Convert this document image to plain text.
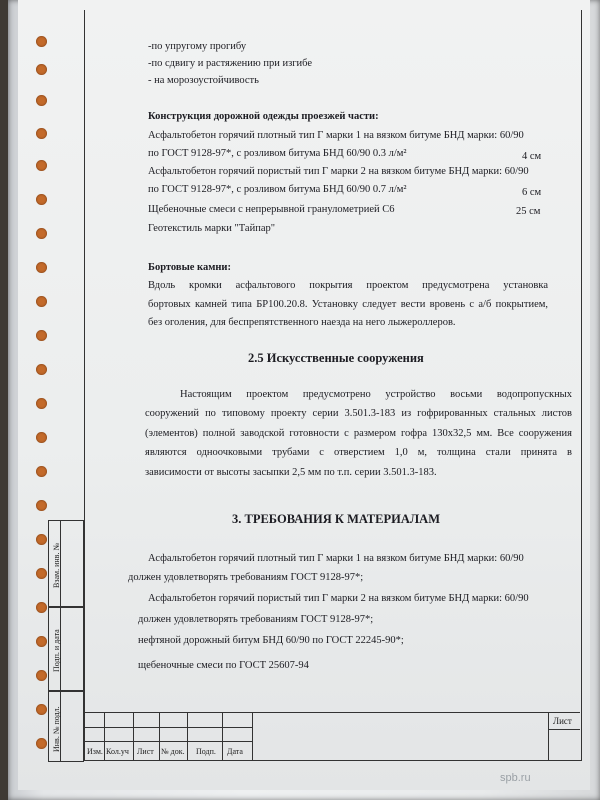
-по упругому прогибу
-по сдвигу и растяжению при изгибе
- на морозоустойчивость
Конструкция дорожной одежды проезжей части:
Асфальтобетон горячий плотный тип Г марки 1 на вязком битуме БНД марки: 60/90
по ГОСТ 9128-97*, с розливом битума БНД 60/90 0.3 л/м²	4 см
Асфальтобетон горячий пористый тип Г марки 2 на вязком битуме БНД марки: 60/90
по ГОСТ 9128-97*, с розливом битума БНД 60/90 0.7 л/м²	6 см
Щебеночные смеси с непрерывной гранулометрией С6	25 см
Геотекстиль марки "Тайпар"
Бортовые камни:
Вдоль кромки асфальтового покрытия проектом предусмотрена установка
бортовых камней типа БР100.20.8. Установку следует вести вровень с а/б покрытием,
без оголения, для беспрепятственного наезда на него лыжероллеров.
2.5 Искусственные сооружения
Настоящим проектом предусмотрено устройство восьми водопропускных
сооружений по типовому проекту серии 3.501.3-183 из гофрированных стальных листов
(элементов) полной заводской готовности с размером гофра 130х32,5 мм. Все сооружения
являются одноочковыми трубами с отверстием 1,0 м, толщина стали принята в
зависимости от высоты засыпки 2,5 мм по т.п. серии 3.501.3-183.
3. ТРЕБОВАНИЯ К МАТЕРИАЛАМ
Асфальтобетон горячий плотный тип Г марки 1 на вязком битуме БНД марки: 60/90
должен удовлетворять требованиям ГОСТ 9128-97*;
Асфальтобетон горячий пористый тип Г марки 2 на вязком битуме БНД марки: 60/90
должен удовлетворять требованиям ГОСТ 9128-97*;
нефтяной дорожный битум БНД 60/90 по ГОСТ 22245-90*;
щебеночные смеси по ГОСТ 25607-94
Взам. инв. №
Подп. и дата
Инв. № подл.	Изм. Кол.уч Лист № док. Подп. Дата
Лист
spb.ru
